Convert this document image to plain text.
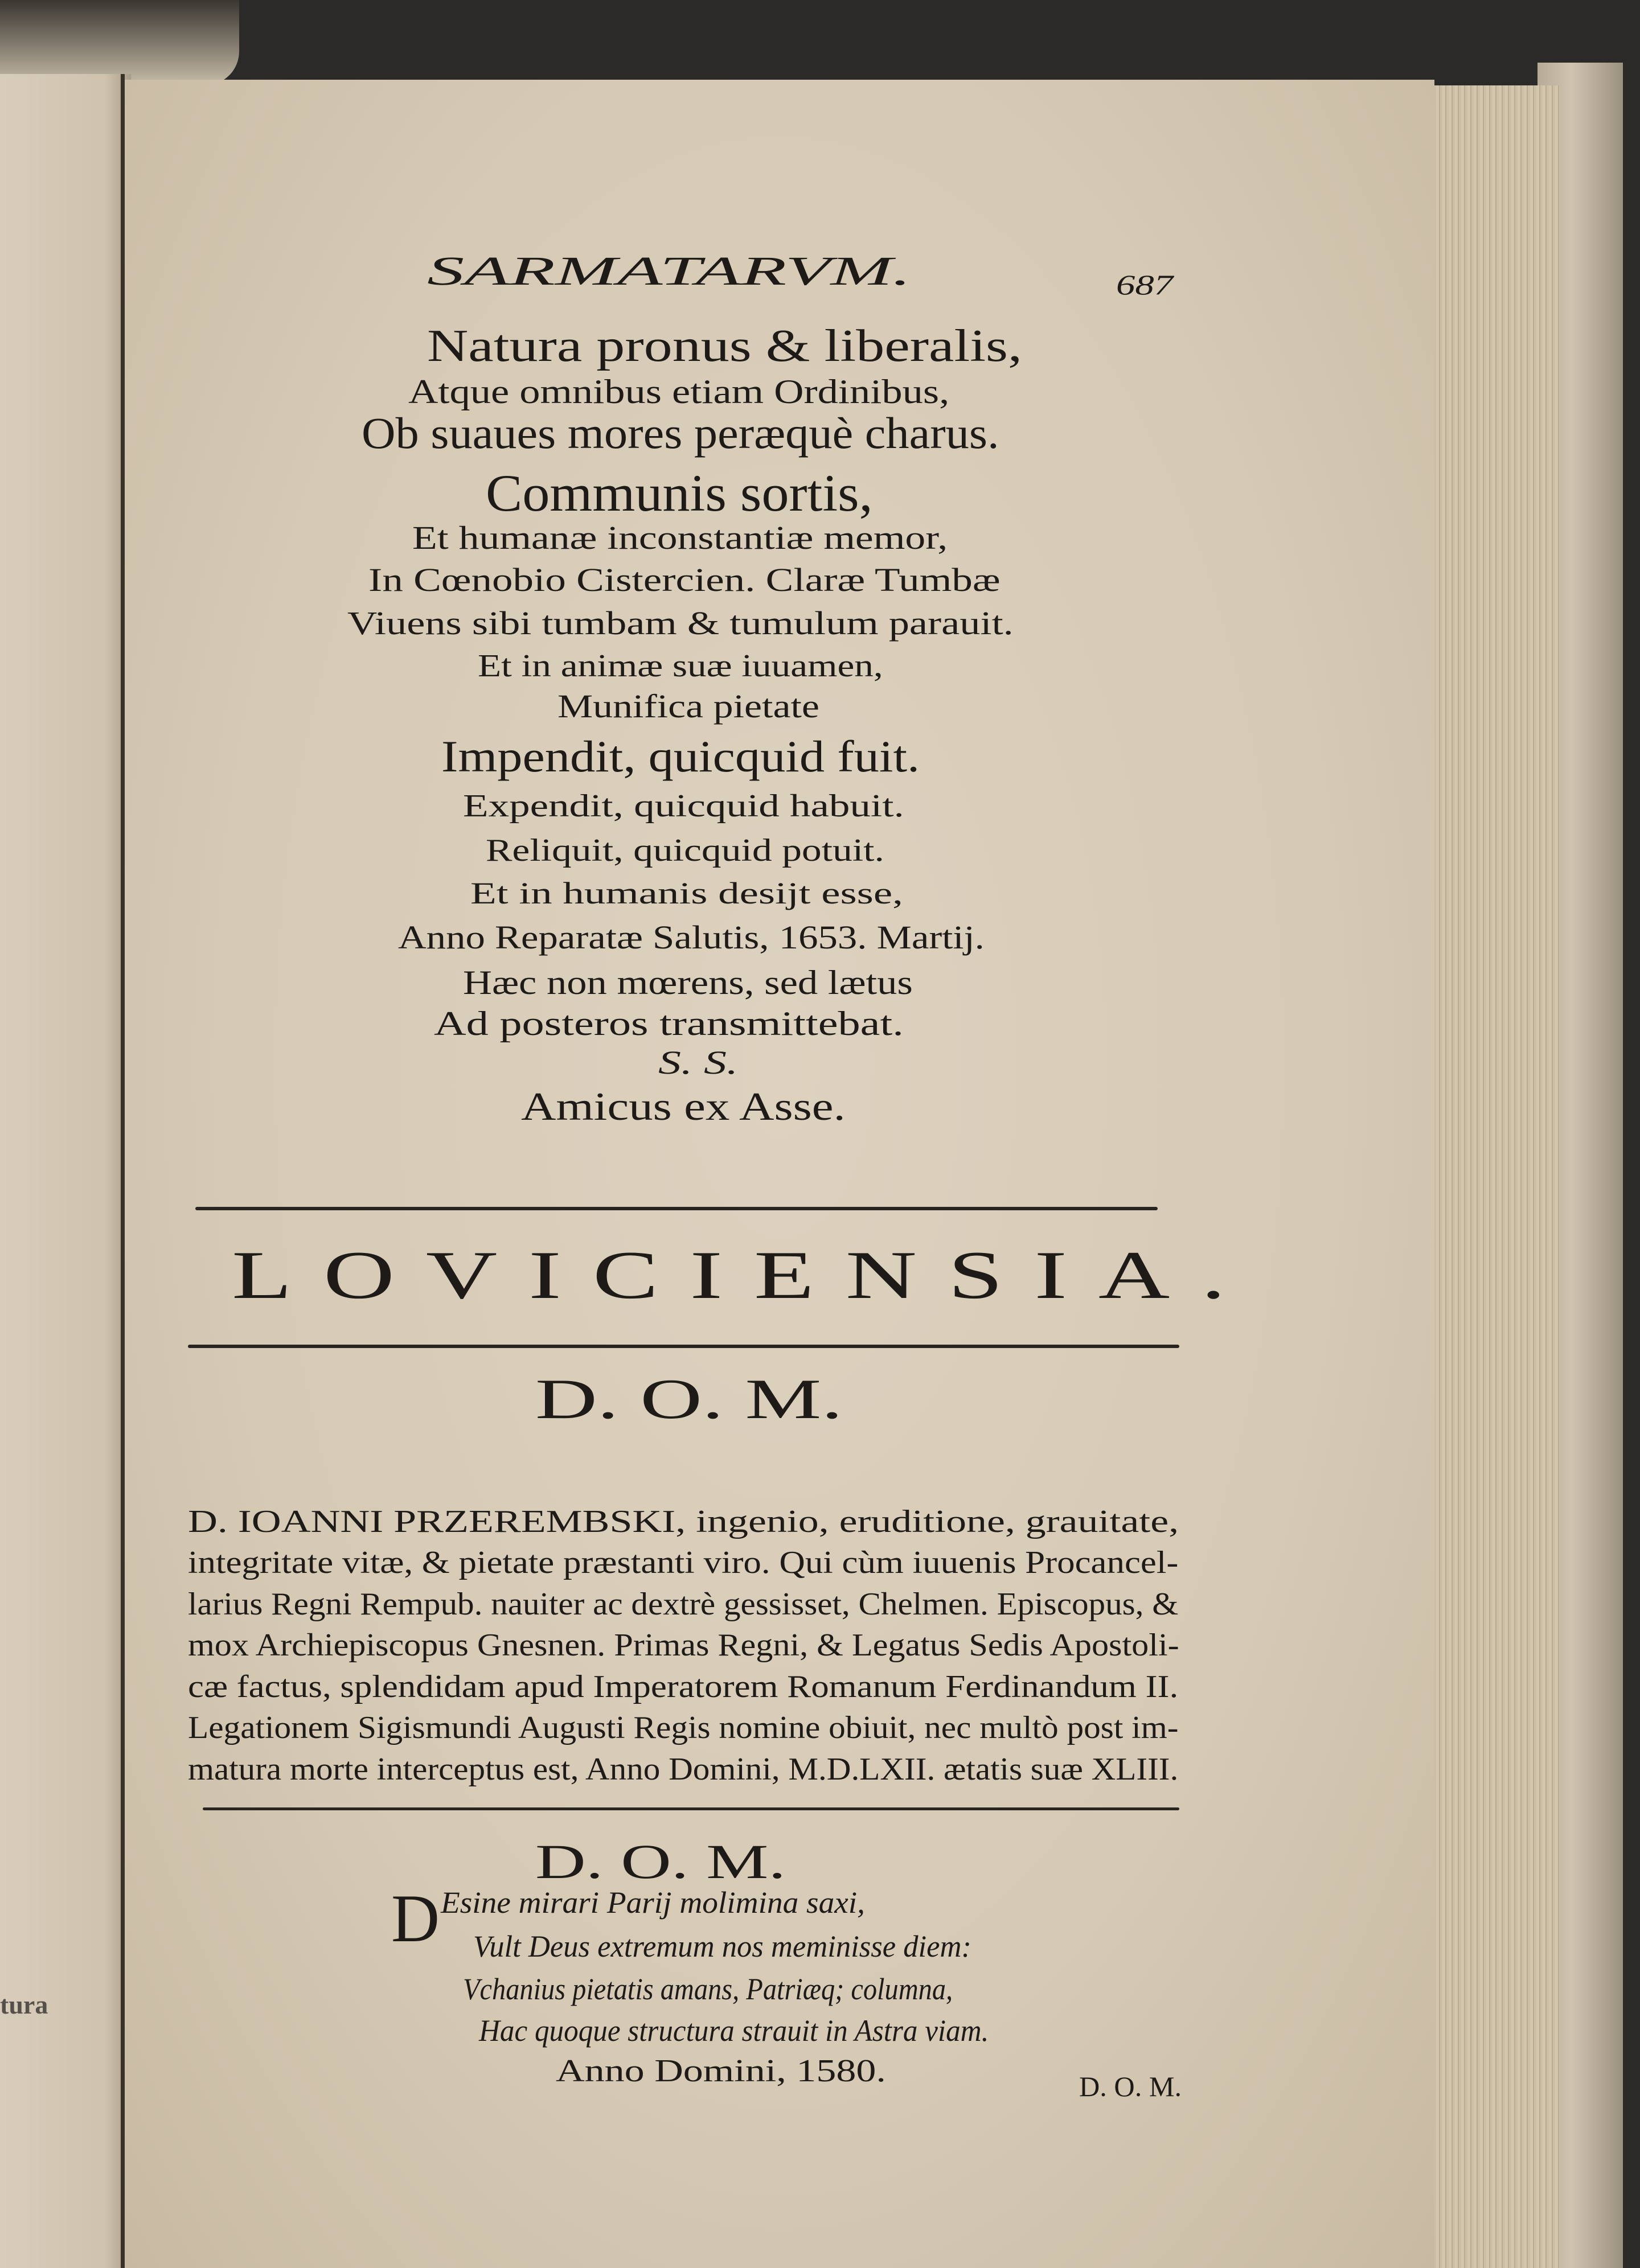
tura
SARMATARVM.	687
Natura pronus & liberalis,
Atque omnibus etiam Ordinibus,
Ob suaues mores peræquè charus.
Communis sortis,
Et humanæ inconstantiæ memor,
In Cœnobio Cistercien. Claræ Tumbæ
Viuens sibi tumbam & tumulum parauit.
Et in animæ suæ iuuamen,
Munifica pietate
Impendit, quicquid fuit.
Expendit, quicquid habuit.
Reliquit, quicquid potuit.
Et in humanis desijt esse,
Anno Reparatæ Salutis, 1653. Martij.
Hæc non mœrens, sed lætus
Ad posteros transmittebat.
S. S.
Amicus ex Asse.
LOVICIENSIA.
D. O. M.
D. IOANNI PRZEREMBSKI, ingenio, eruditione, grauitate,
integritate vitæ, & pietate præstanti viro. Qui cùm iuuenis Procancel-
larius Regni Rempub. nauiter ac dextrè gessisset, Chelmen. Episcopus, &
mox Archiepiscopus Gnesnen. Primas Regni, & Legatus Sedis Apostoli-
cæ factus, splendidam apud Imperatorem Romanum Ferdinandum II.
Legationem Sigismundi Augusti Regis nomine obiuit, nec multò post im-
matura morte interceptus est, Anno Domini, M.D.LXII. ætatis suæ XLIII.
D. O. M.
D Esine mirari Parij molimina saxi,
Vult Deus extremum nos meminisse diem:
Vchanius pietatis amans, Patriæq; columna,
Hac quoque structura strauit in Astra viam.
Anno Domini, 1580.	D. O. M.
